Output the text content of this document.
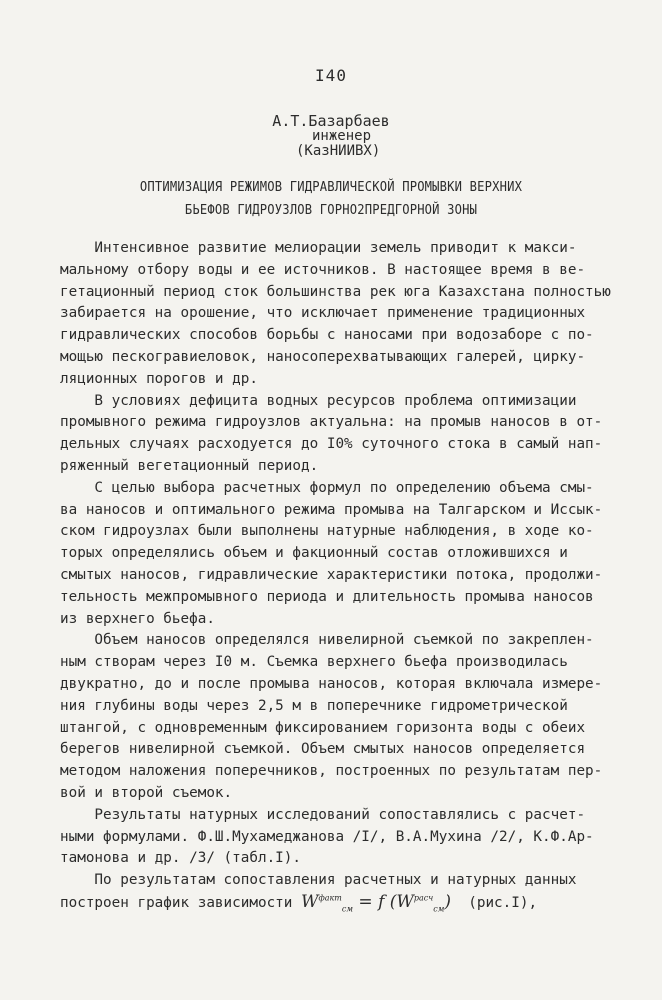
I40
А.Т.Базарбаев
инженер
(КазНИИВХ)
ОПТИМИЗАЦИЯ РЕЖИМОВ ГИДРАВЛИЧЕСКОЙ ПРОМЫВКИ ВЕРХНИХ
БЬЕФОВ ГИДРОУЗЛОВ ГОРНО2ПРЕДГОРНОЙ ЗОНЫ
Интенсивное развитие мелиорации земель приводит к макси-
мальному отбору воды и ее источников. В настоящее время в ве-
гетационный период сток большинства рек юга Казахстана полностью
забирается на орошение, что исключает применение традиционных
гидравлических способов борьбы с наносами при водозаборе с по-
мощью пескогравиеловок, наносоперехватывающих галерей, цирку-
ляционных порогов и др.
В условиях дефицита водных ресурсов проблема оптимизации
промывного режима гидроузлов актуальна: на промыв наносов в от-
дельных случаях расходуется до I0% суточного стока в самый нап-
ряженный вегетационный период.
С целью выбора расчетных формул по определению объема смы-
ва наносов и оптимального режима промыва на Талгарском и Иссык-
ском гидроузлах были выполнены натурные наблюдения, в ходе ко-
торых определялись объем и факционный состав отложившихся и
смытых наносов, гидравлические характеристики потока, продолжи-
тельность межпромывного периода и длительность промыва наносов
из верхнего бьефа.
Объем наносов определялся нивелирной съемкой по закреплен-
ным створам через I0 м. Съемка верхнего бьефа производилась
двукратно, до и после промыва наносов, которая включала измере-
ния глубины воды через 2,5 м в поперечнике гидрометрической
штангой, с одновременным фиксированием горизонта воды с обеих
берегов нивелирной съемкой. Объем смытых наносов определяется
методом наложения поперечников, построенных по результатам пер-
вой и второй съемок.
Результаты натурных исследований сопоставлялись с расчет-
ными формулами. Ф.Ш.Мухамеджанова /I/, В.А.Мухина /2/, К.Ф.Ар-
тамонова и др. /3/ (табл.I).
По результатам сопоставления расчетных и натурных данных
построен график зависимости $W^{факт}_{см} = f$ $(W^{расч}_{см})$  (рис.I),
